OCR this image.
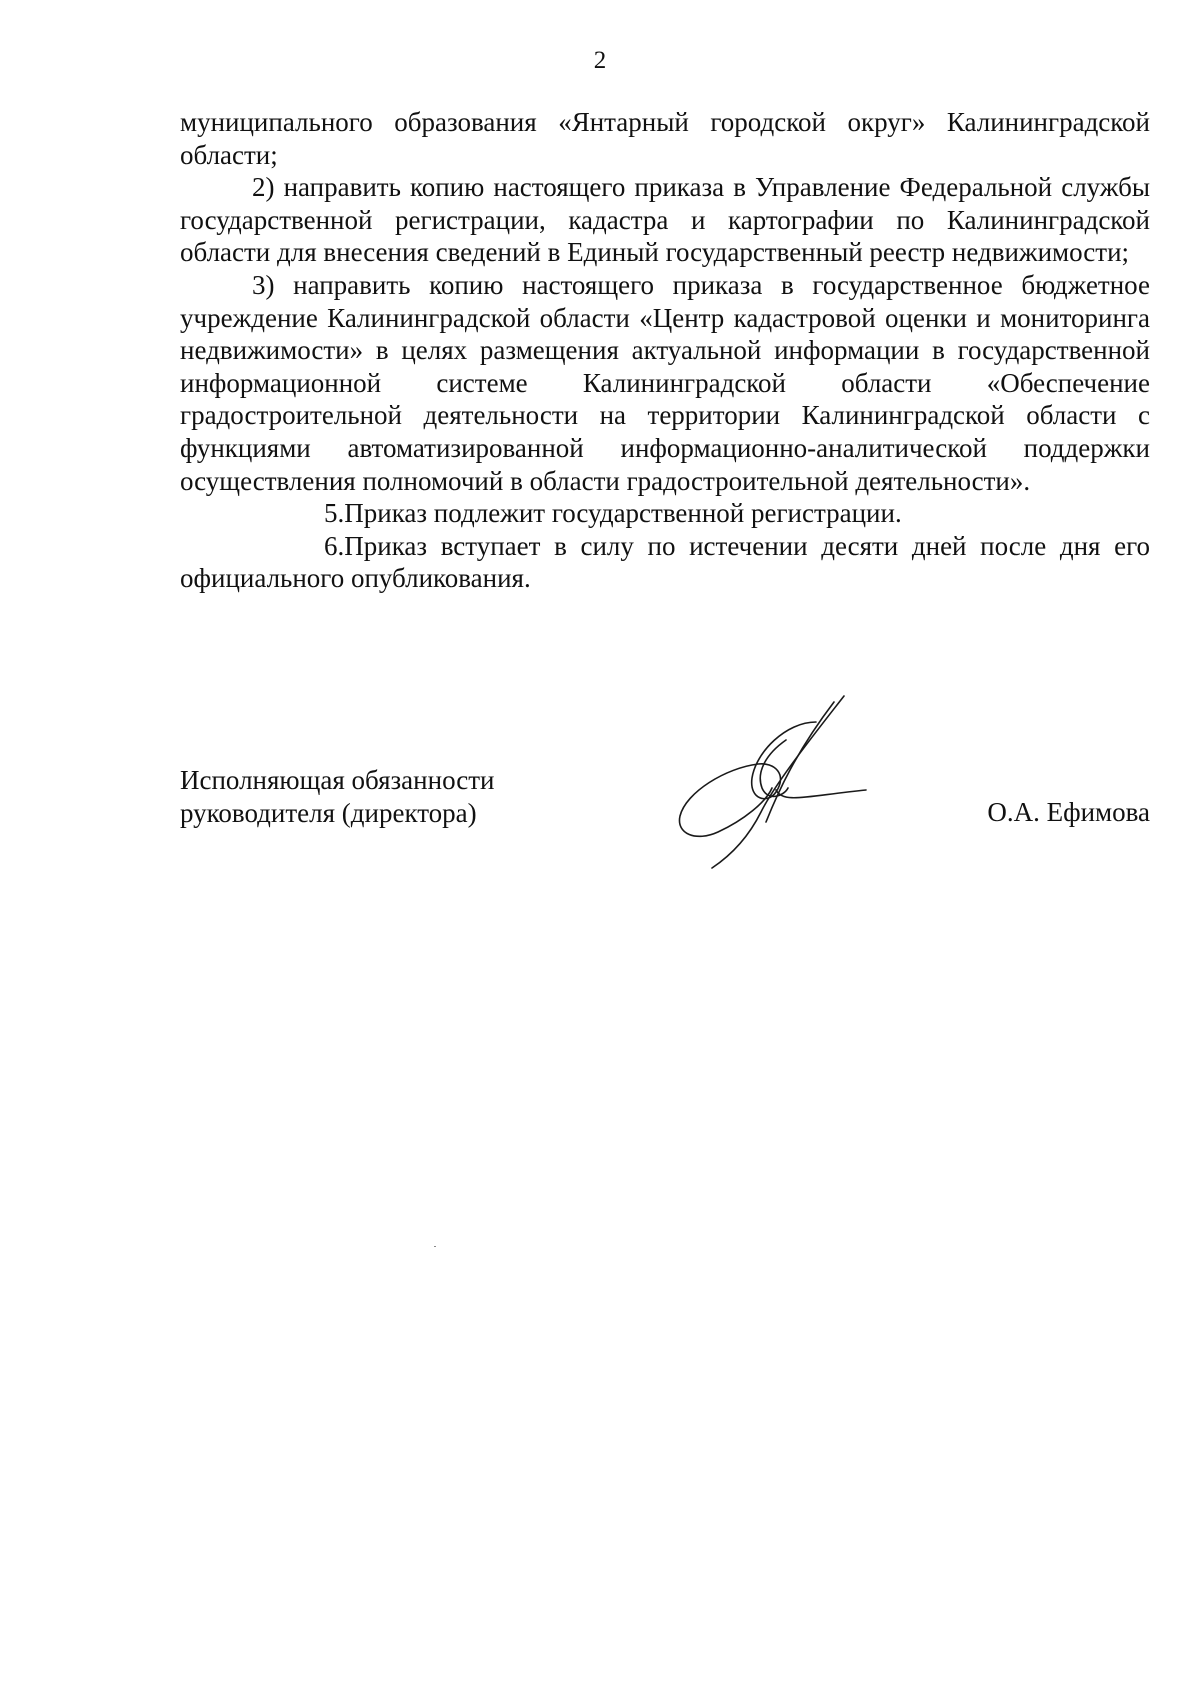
2

муниципального образования «Янтарный городской округ» Калининградской области;

2) направить копию настоящего приказа в Управление Федеральной службы государственной регистрации, кадастра и картографии по Калининградской области для внесения сведений в Единый государственный реестр недвижимости;

3) направить копию настоящего приказа в государственное бюджетное учреждение Калининградской области «Центр кадастровой оценки и мониторинга недвижимости» в целях размещения актуальной информации в государственной информационной системе Калининградской области «Обеспечение градостроительной деятельности на территории Калининградской области с функциями автоматизированной информационно-аналитической поддержки осуществления полномочий в области градостроительной деятельности».

5.Приказ подлежит государственной регистрации.

6.Приказ вступает в силу по истечении десяти дней после дня его официального опубликования.

Исполняющая обязанности
руководителя (директора)	О.А. Ефимова
